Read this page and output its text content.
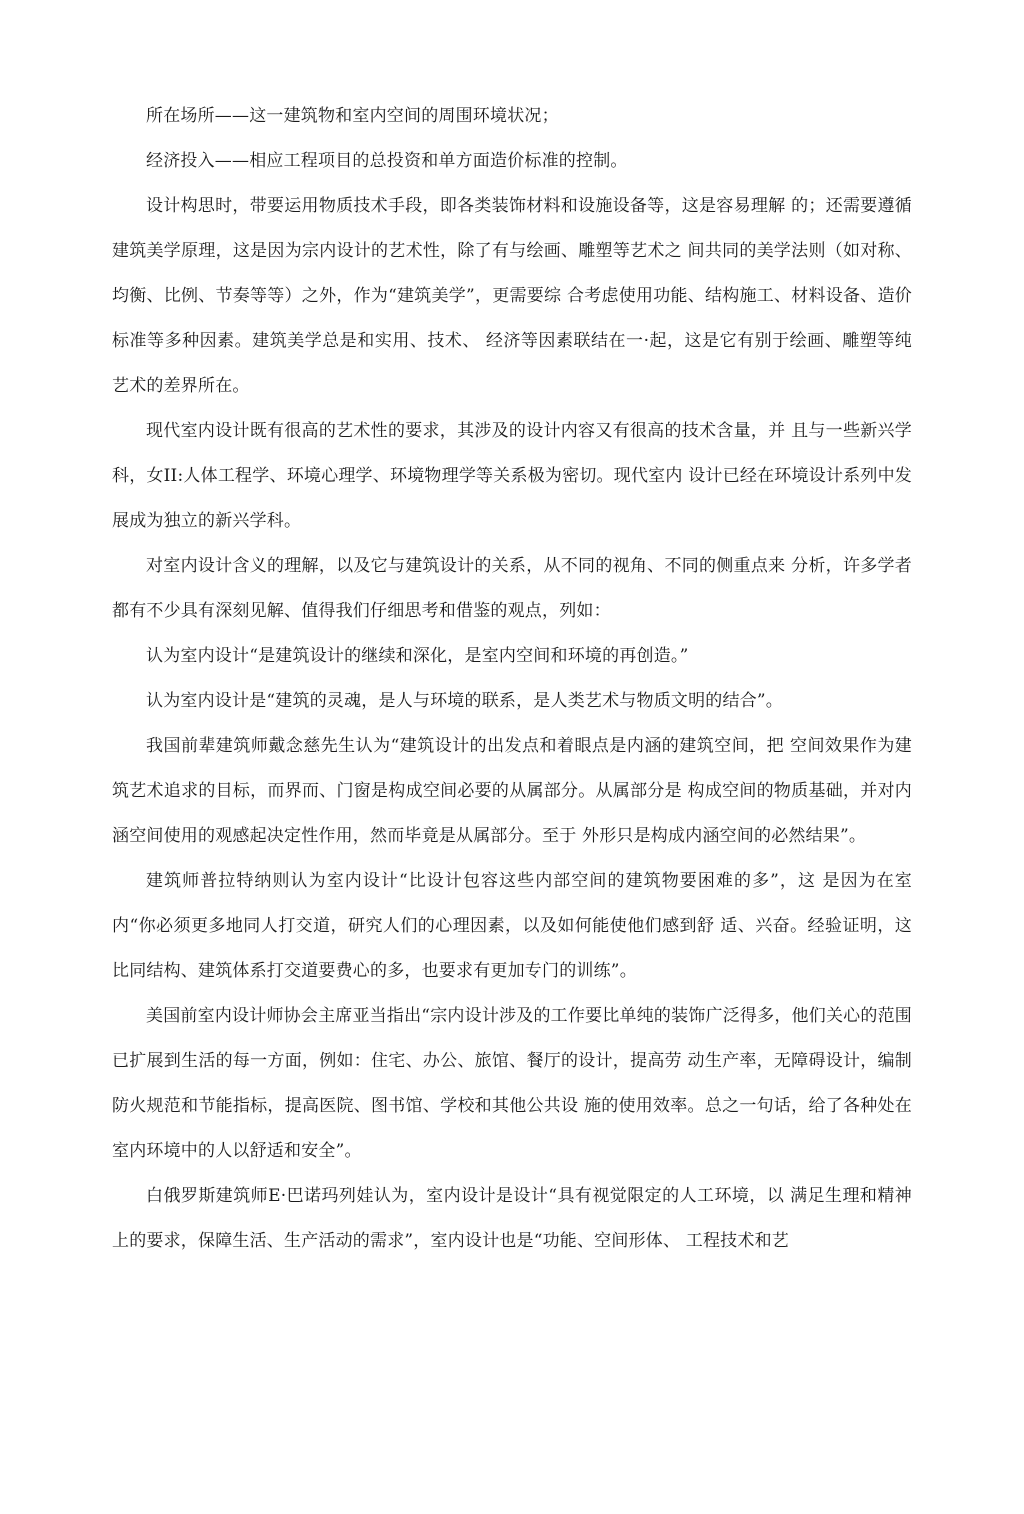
所在场所——这一建筑物和室内空间的周围环境状况；

经济投入——相应工程项目的总投资和单方面造价标准的控制。

设计构思时，带要运用物质技术手段，即各类装饰材料和设施设备等，这是容易理解 的；还需要遵循建筑美学原理，这是因为宗内设计的艺术性，除了有与绘画、雕塑等艺术之 间共同的美学法则（如对称、均衡、比例、节奏等等）之外，作为“建筑美学”，更需要综 合考虑使用功能、结构施工、材料设备、造价标准等多种因素。建筑美学总是和实用、技术、 经济等因素联结在一·起，这是它有别于绘画、雕塑等纯艺术的差界所在。

现代室内设计既有很高的艺术性的要求，其涉及的设计内容又有很高的技术含量，并 且与一些新兴学科，女II:人体工程学、环境心理学、环境物理学等关系极为密切。现代室内 设计已经在环境设计系列中发展成为独立的新兴学科。

对室内设计含义的理解，以及它与建筑设计的关系，从不同的视角、不同的侧重点来 分析，许多学者都有不少具有深刻见解、值得我们仔细思考和借鉴的观点，列如：

认为室内设计“是建筑设计的继续和深化，是室内空间和环境的再创造。”

认为室内设计是“建筑的灵魂，是人与环境的联系，是人类艺术与物质文明的结合”。

我国前辈建筑师戴念慈先生认为“建筑设计的出发点和着眼点是内涵的建筑空间，把 空间效果作为建筑艺术追求的目标，而界而、门窗是构成空间必要的从属部分。从属部分是 构成空间的物质基础，并对内涵空间使用的观感起决定性作用，然而毕竟是从属部分。至于 外形只是构成内涵空间的必然结果”。

建筑师普拉特纳则认为室内设计“比设计包容这些内部空间的建筑物要困难的多”，这 是因为在室内“你必须更多地同人打交道，研究人们的心理因素，以及如何能使他们感到舒 适、兴奋。经验证明，这比同结构、建筑体系打交道要费心的多，也要求有更加专门的训练”。

美国前室内设计师协会主席亚当指出“宗内设计涉及的工作要比单纯的装饰广泛得多，他们关心的范围已扩展到生活的每一方面，例如：住宅、办公、旅馆、餐厅的设计，提高劳 动生产率，无障碍设计，编制防火规范和节能指标，提高医院、图书馆、学校和其他公共设 施的使用效率。总之一句话，给了各种处在室内环境中的人以舒适和安全”。

白俄罗斯建筑师E·巴诺玛列娃认为，室内设计是设计“具有视觉限定的人工环境，以 满足生理和精神上的要求，保障生活、生产活动的需求”，室内设计也是“功能、空间形体、 工程技术和艺
